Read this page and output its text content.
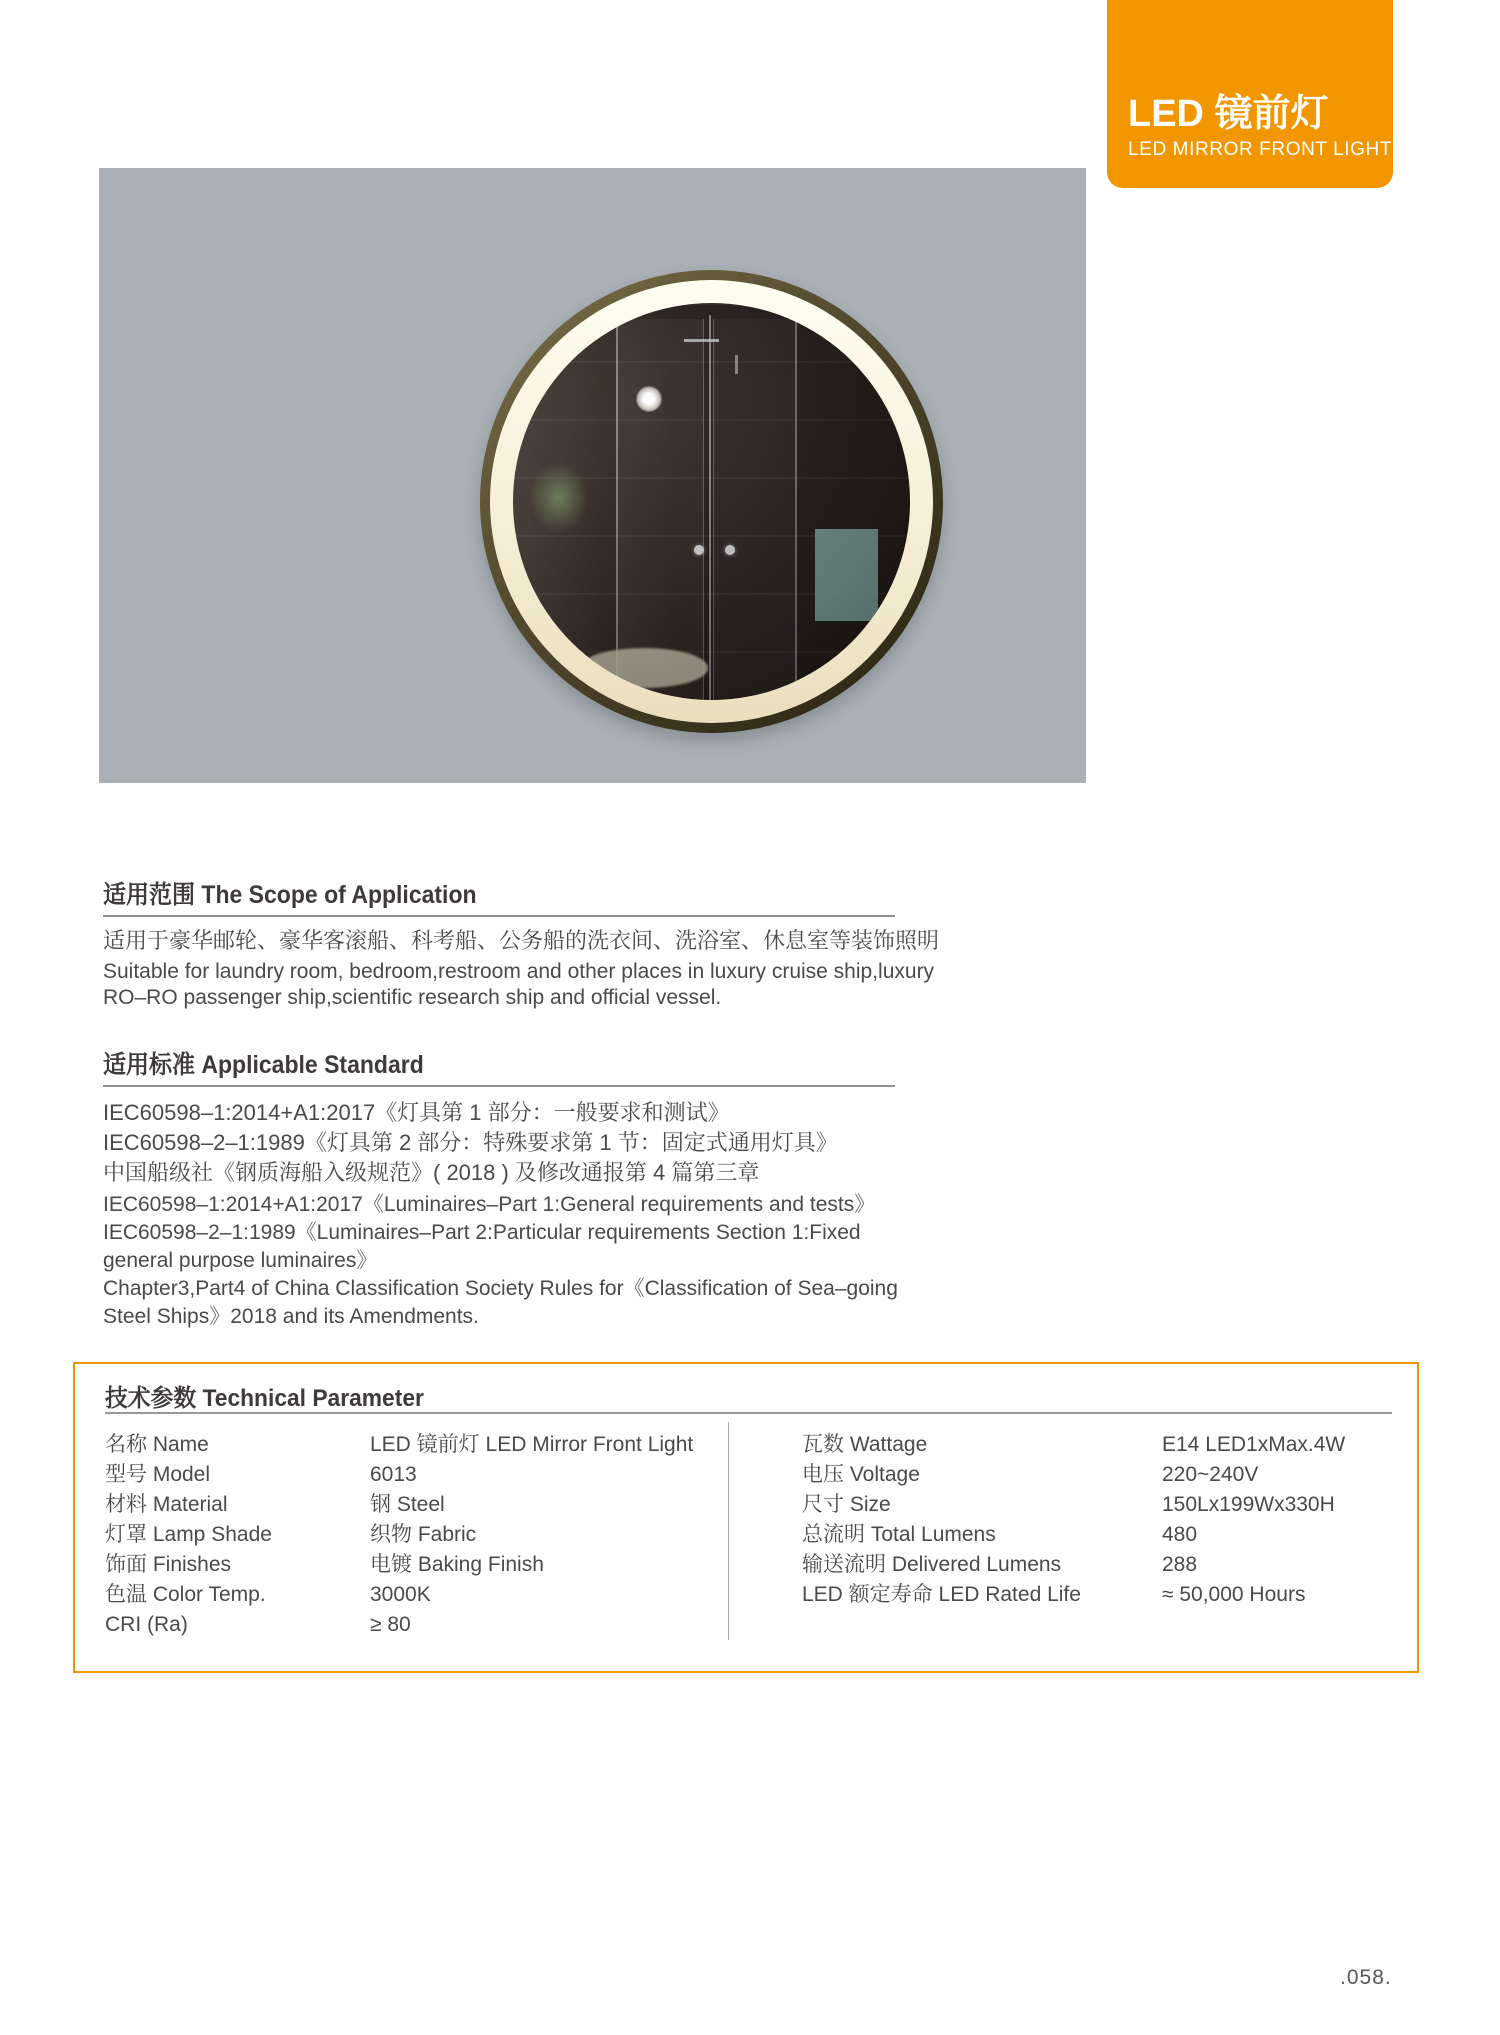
LED 镜前灯
LED MIRROR FRONT LIGHT
适用范围 The Scope of Application
适用于豪华邮轮、豪华客滚船、科考船、公务船的洗衣间、洗浴室、休息室等装饰照明
Suitable for laundry room, bedroom,restroom and other places in luxury cruise ship,luxury
RO–RO passenger ship,scientific research ship and official vessel.
适用标准 Applicable Standard
IEC60598–1:2014+A1:2017《灯具第 1 部分：一般要求和测试》
IEC60598–2–1:1989《灯具第 2 部分：特殊要求第 1 节：固定式通用灯具》
中国船级社《钢质海船入级规范》( 2018 ) 及修改通报第 4 篇第三章
IEC60598–1:2014+A1:2017《Luminaires–Part 1:General requirements and tests》
IEC60598–2–1:1989《Luminaires–Part 2:Particular requirements Section 1:Fixed
general purpose luminaires》
Chapter3,Part4 of China Classification Society Rules for《Classification of Sea–going
Steel Ships》2018 and its Amendments.
技术参数 Technical Parameter
名称 Name	LED 镜前灯 LED Mirror Front Light
型号 Model	6013
材料 Material	钢 Steel
灯罩 Lamp Shade	织物 Fabric
饰面 Finishes	电镀 Baking Finish
色温 Color Temp.	3000K
CRI (Ra)	≥ 80
瓦数 Wattage	E14 LED1xMax.4W
电压 Voltage	220~240V
尺寸 Size	150Lx199Wx330H
总流明 Total Lumens	480
输送流明 Delivered Lumens	288
LED 额定寿命 LED Rated Life	≈ 50,000 Hours
.058.
